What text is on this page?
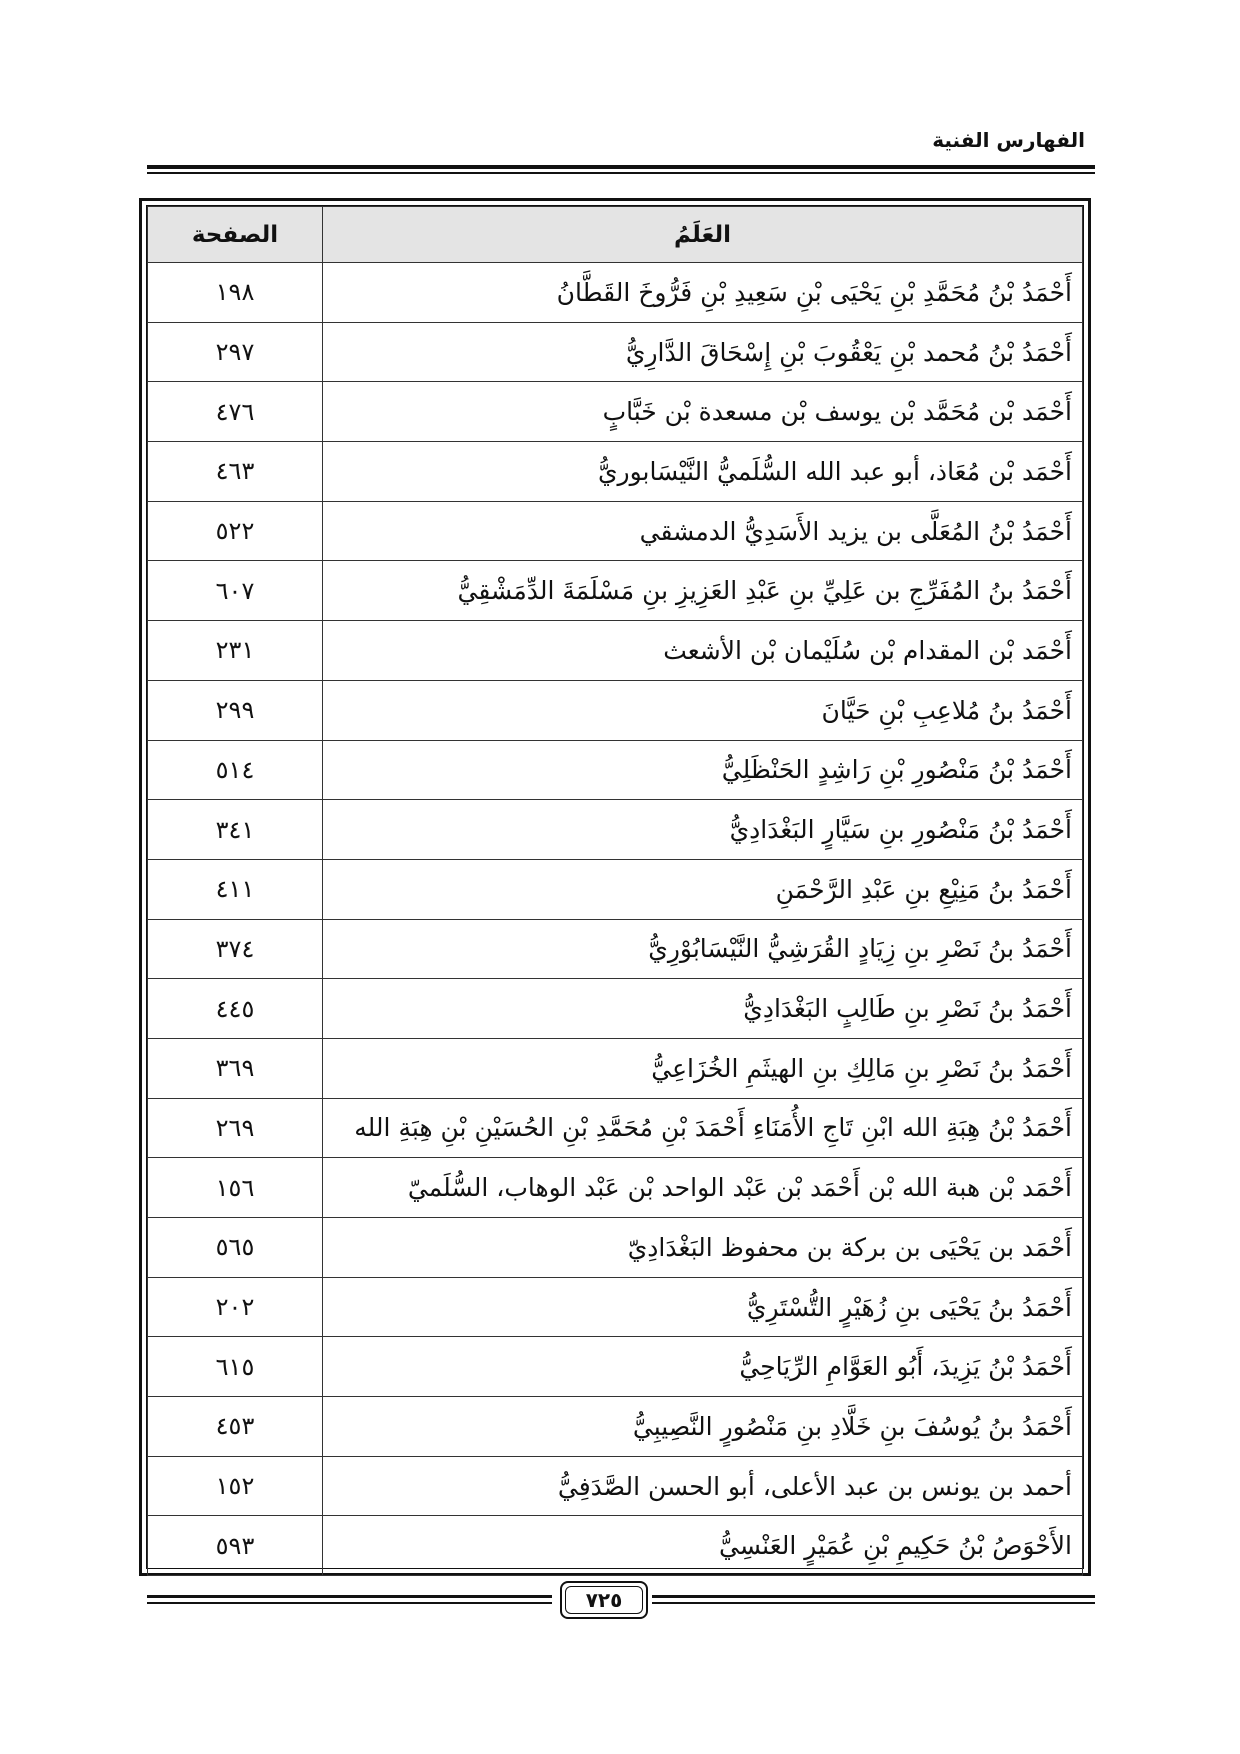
الفهارس الفنية
العَلَمُ	الصفحة
أَحْمَدُ بْنُ مُحَمَّدِ بْنِ يَحْيَى بْنِ سَعِيدِ بْنِ فَرُّوخَ القَطَّانُ	١٩٨
أَحْمَدُ بْنُ مُحمد بْنِ يَعْقُوبَ بْنِ إِسْحَاقَ الدَّارِيُّ	٢٩٧
أَحْمَد بْن مُحَمَّد بْن يوسف بْن مسعدة بْن خَبَّابٍ	٤٧٦
أَحْمَد بْن مُعَاذ، أبو عبد الله السُّلَميُّ النَّيْسَابوريُّ	٤٦٣
أَحْمَدُ بْنُ المُعَلَّى بن يزيد الأَسَدِيُّ الدمشقي	٥٢٢
أَحْمَدُ بنُ المُفَرِّجِ بن عَلِيِّ بنِ عَبْدِ العَزِيزِ بنِ مَسْلَمَةَ الدِّمَشْقِيُّ	٦٠٧
أَحْمَد بْن المقدام بْن سُلَيْمان بْن الأشعث	٢٣١
أَحْمَدُ بنُ مُلاعِبِ بْنِ حَيَّانَ	٢٩٩
أَحْمَدُ بْنُ مَنْصُورِ بْنِ رَاشِدٍ الحَنْظَلِيُّ	٥١٤
أَحْمَدُ بْنُ مَنْصُورِ بنِ سَيَّارٍ البَغْدَادِيُّ	٣٤١
أَحْمَدُ بنُ مَنِيْعِ بنِ عَبْدِ الرَّحْمَنِ	٤١١
أَحْمَدُ بنُ نَصْرِ بنِ زِيَادٍ القُرَشِيُّ النَّيْسَابُوْرِيُّ	٣٧٤
أَحْمَدُ بنُ نَصْرِ بنِ طَالِبٍ البَغْدَادِيُّ	٤٤٥
أَحْمَدُ بنُ نَصْرِ بنِ مَالِكِ بنِ الهيثَمِ الخُزَاعِيُّ	٣٦٩
أَحْمَدُ بْنُ هِبَةِ الله ابْنِ تَاجِ الأُمَنَاءِ أَحْمَدَ بْنِ مُحَمَّدِ بْنِ الحُسَيْنِ بْنِ هِبَةِ الله	٢٦٩
أَحْمَد بْن هبة الله بْن أَحْمَد بْن عَبْد الواحد بْن عَبْد الوهاب، السُّلَميّ	١٥٦
أَحْمَد بن يَحْيَى بن بركة بن محفوظ البَغْدَادِيّ	٥٦٥
أَحْمَدُ بنُ يَحْيَى بنِ زُهَيْرٍ التُّسْتَرِيُّ	٢٠٢
أَحْمَدُ بْنُ يَزِيدَ، أَبُو العَوَّامِ الرِّيَاحِيُّ	٦١٥
أَحْمَدُ بنُ يُوسُفَ بنِ خَلَّادِ بنِ مَنْصُورٍ النَّصِيبِيُّ	٤٥٣
أحمد بن يونس بن عبد الأعلى، أبو الحسن الصَّدَفِيُّ	١٥٢
الأَحْوَصُ بْنُ حَكِيمِ بْنِ عُمَيْرٍ العَنْسِيُّ	٥٩٣
٧٢٥
